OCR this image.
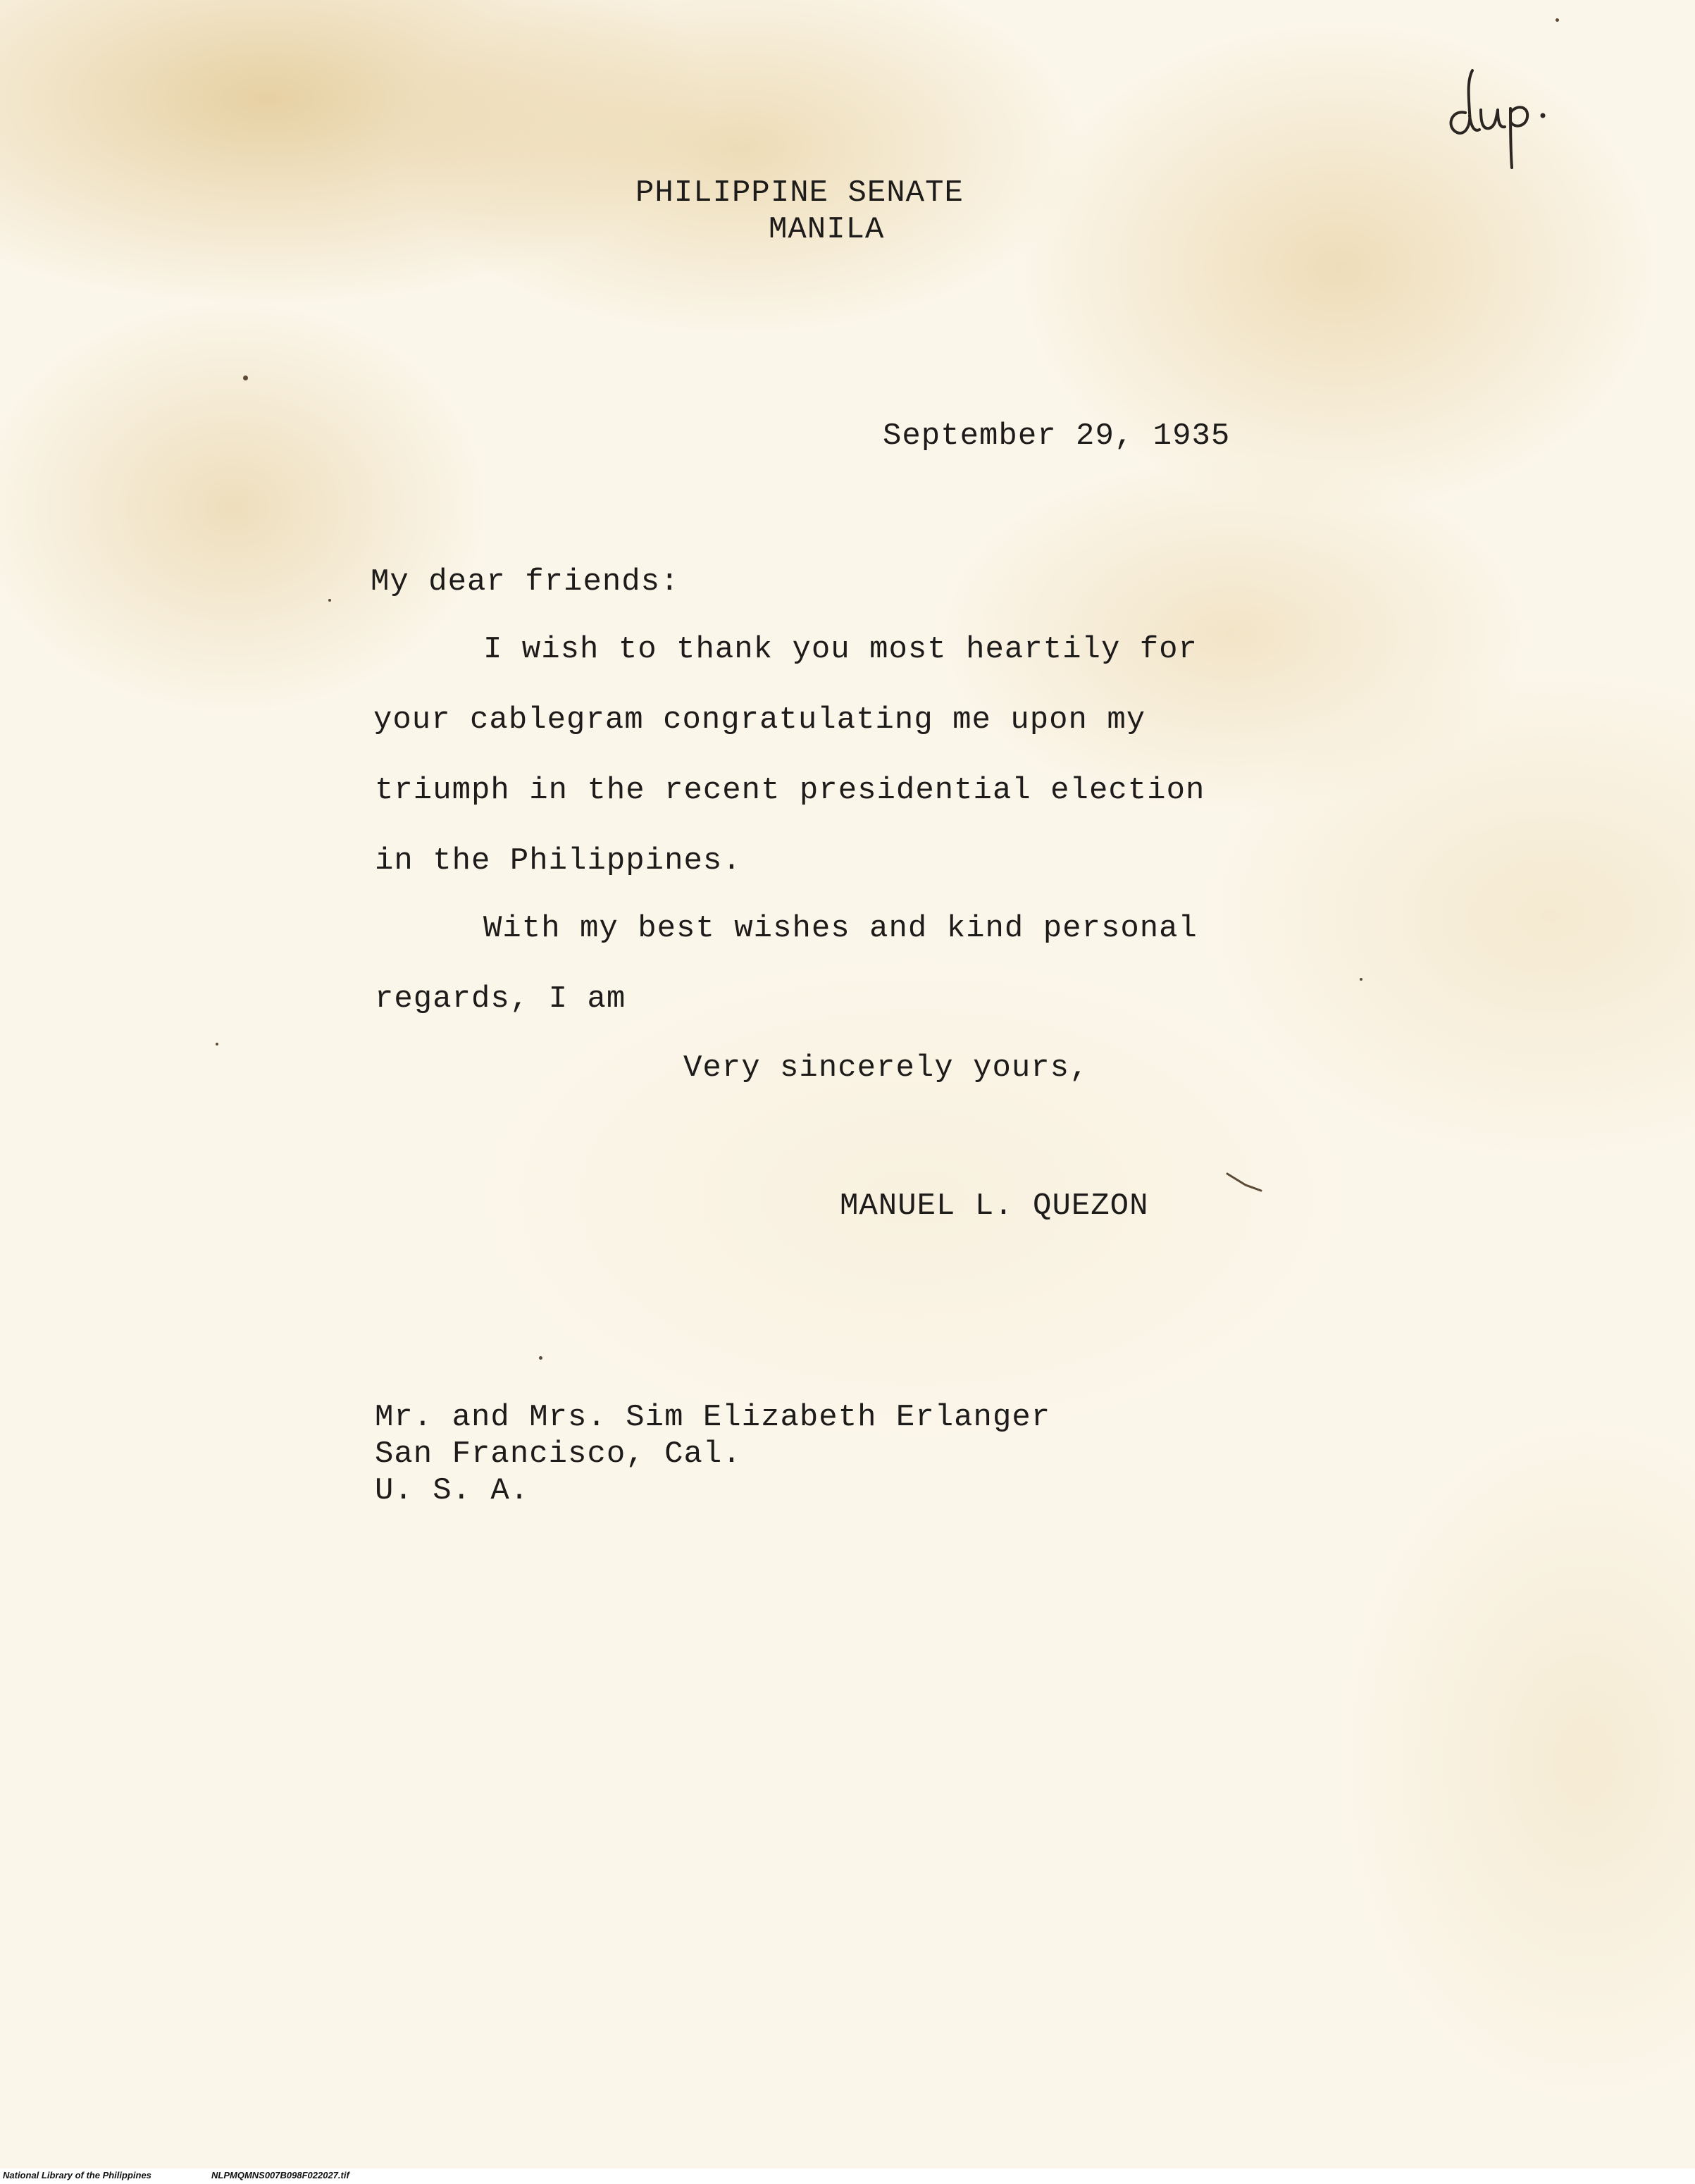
PHILIPPINE SENATE
MANILA
September 29, 1935
My dear friends:
I wish to thank you most heartily for
your cablegram congratulating me upon my
triumph in the recent presidential election
in the Philippines.
With my best wishes and kind personal
regards, I am
Very sincerely yours,
MANUEL L. QUEZON
Mr. and Mrs. Sim Elizabeth Erlanger
San Francisco, Cal.
U. S. A.
National Library of the Philippines	NLPMQMNS007B098F022027.tif
